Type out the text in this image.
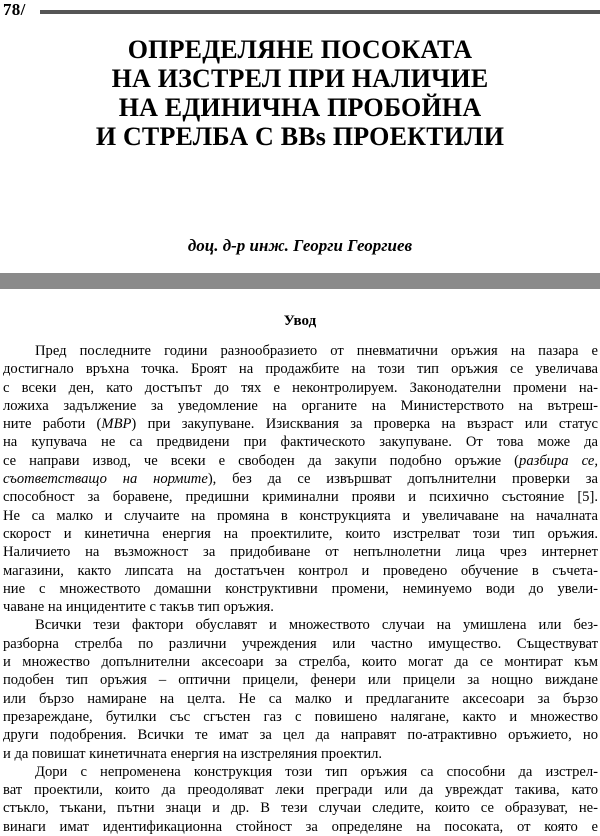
78/
ОПРЕДЕЛЯНЕ ПОСОКАТА
НА ИЗСТРЕЛ ПРИ НАЛИЧИЕ
НА ЕДИНИЧНА ПРОБОЙНА
И СТРЕЛБА С BBs ПРОЕКТИЛИ
доц. д-р инж. Георги Георгиев
Увод
Пред последните години разнообразието от пневматични оръжия на пазара е
достигнало връхна точка. Броят на продажбите на този тип оръжия се увеличава
с всеки ден, като достъпът до тях е неконтролируем. Законодателни промени на-
ложиха задължение за уведомление на органите на Министерството на вътреш-
ните работи (МВР) при закупуване. Изисквания за проверка на възраст или статус
на купувача не са предвидени при фактическото закупуване. От това може да
се направи извод, че всеки е свободен да закупи подобно оръжие (разбира се,
съответстващо на нормите), без да се извършват допълнителни проверки за
способност за боравене, предишни криминални прояви и психично състояние [5].
Не са малко и случаите на промяна в конструкцията и увеличаване на началната
скорост и кинетична енергия на проектилите, които изстрелват този тип оръжия.
Наличието на възможност за придобиване от непълнолетни лица чрез интернет
магазини, както липсата на достатъчен контрол и проведено обучение в съчета-
ние с множеството домашни конструктивни промени, неминуемо води до увели-
чаване на инцидентите с такъв тип оръжия.
Всички тези фактори обуславят и множеството случаи на умишлена или без-
разборна стрелба по различни учреждения или частно имущество. Съществуват
и множество допълнителни аксесоари за стрелба, които могат да се монтират към
подобен тип оръжия – оптични прицели, фенери или прицели за нощно виждане
или бързо намиране на целта. Не са малко и предлаганите аксесоари за бързо
презареждане, бутилки със сгъстен газ с повишено налягане, както и множество
други подобрения. Всички те имат за цел да направят по-атрактивно оръжието, но
и да повишат кинетичната енергия на изстреляния проектил.
Дори с непроменена конструкция този тип оръжия са способни да изстрел-
ват проектили, които да преодоляват леки прегради или да увреждат такива, като
стъкло, тъкани, пътни знаци и др. В тези случаи следите, които се образуват, не-
винаги имат идентификационна стойност за определяне на посоката, от която е
